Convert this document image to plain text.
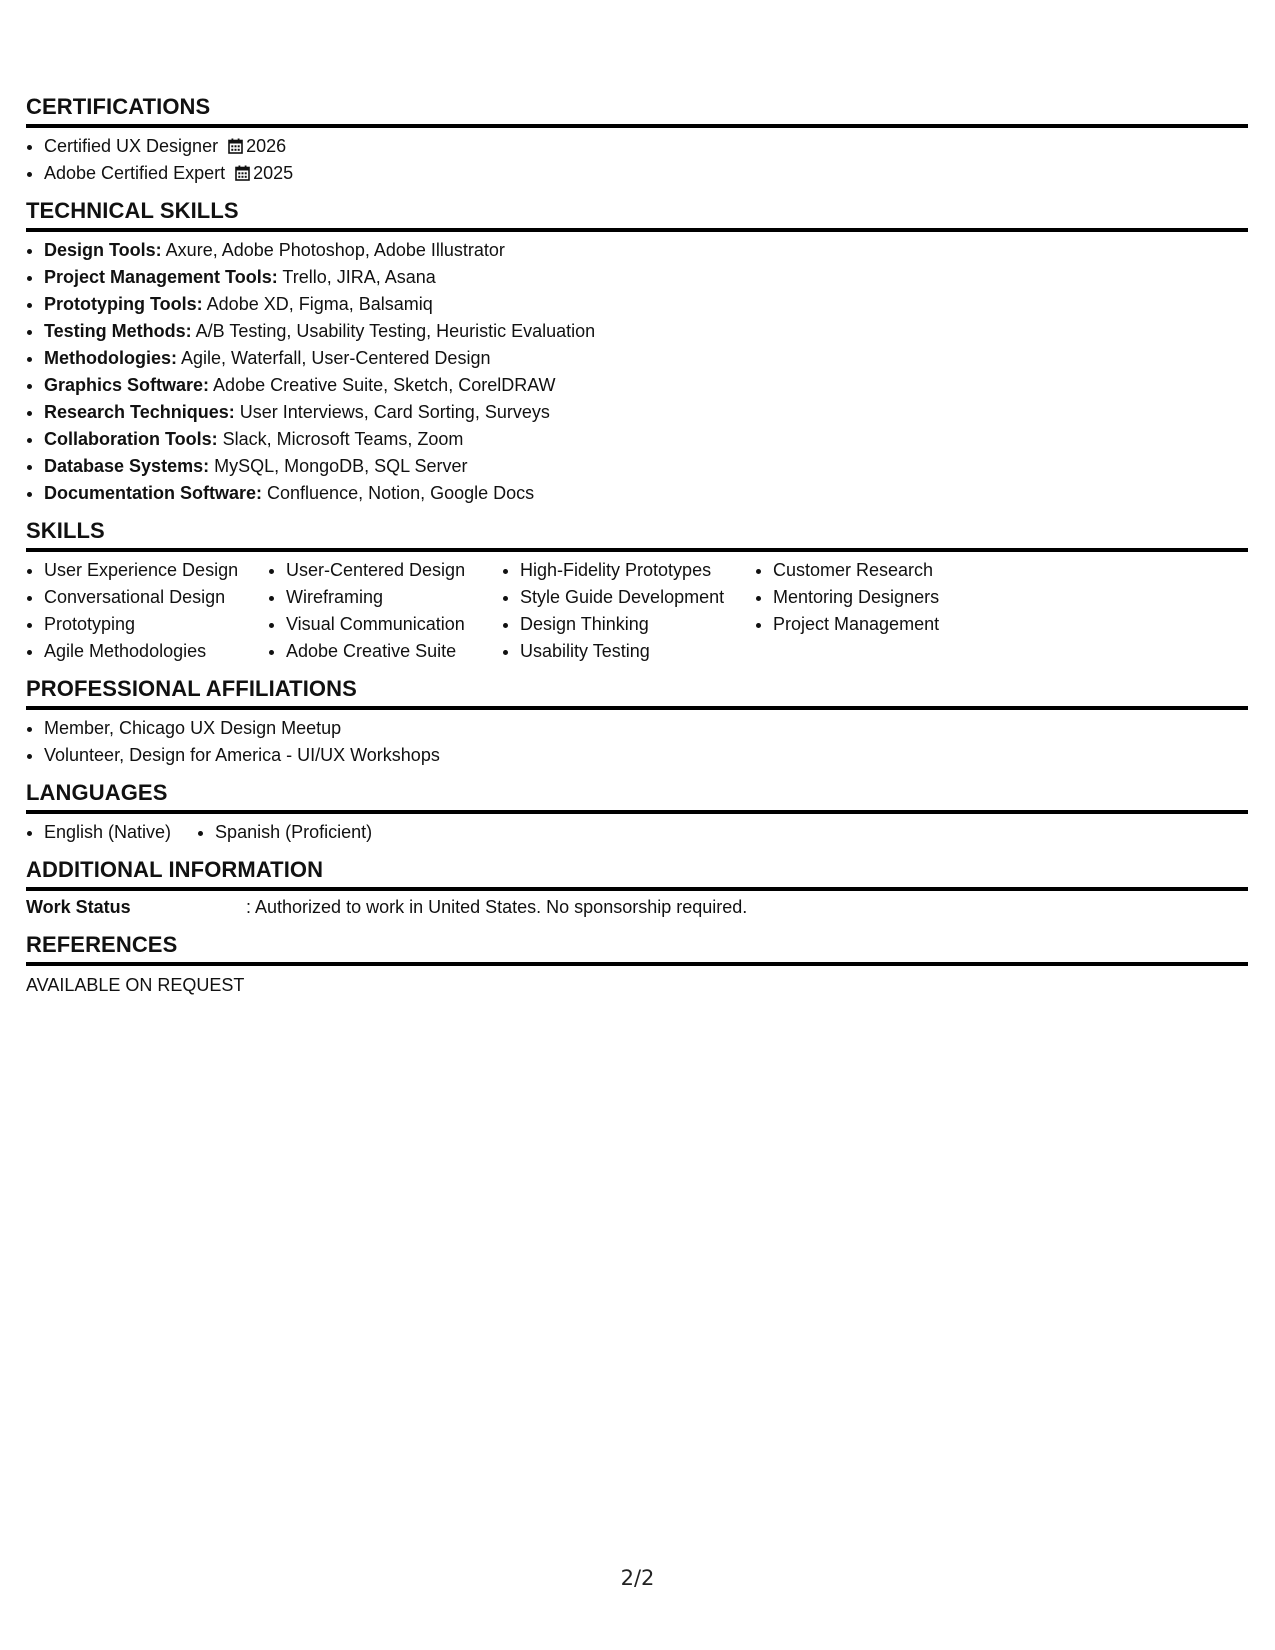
CERTIFICATIONS
• Certified UX Designer 2026
• Adobe Certified Expert 2025
TECHNICAL SKILLS
• Design Tools: Axure, Adobe Photoshop, Adobe Illustrator
• Project Management Tools: Trello, JIRA, Asana
• Prototyping Tools: Adobe XD, Figma, Balsamiq
• Testing Methods: A/B Testing, Usability Testing, Heuristic Evaluation
• Methodologies: Agile, Waterfall, User-Centered Design
• Graphics Software: Adobe Creative Suite, Sketch, CorelDRAW
• Research Techniques: User Interviews, Card Sorting, Surveys
• Collaboration Tools: Slack, Microsoft Teams, Zoom
• Database Systems: MySQL, MongoDB, SQL Server
• Documentation Software: Confluence, Notion, Google Docs
SKILLS
• User Experience Design
• Conversational Design
• Prototyping
• Agile Methodologies
• User-Centered Design
• Wireframing
• Visual Communication
• Adobe Creative Suite
• High-Fidelity Prototypes
• Style Guide Development
• Design Thinking
• Usability Testing
• Customer Research
• Mentoring Designers
• Project Management
PROFESSIONAL AFFILIATIONS
• Member, Chicago UX Design Meetup
• Volunteer, Design for America - UI/UX Workshops
LANGUAGES
• English (Native)
• Spanish (Proficient)
ADDITIONAL INFORMATION
Work Status	: Authorized to work in United States. No sponsorship required.
REFERENCES
AVAILABLE ON REQUEST
2/2
